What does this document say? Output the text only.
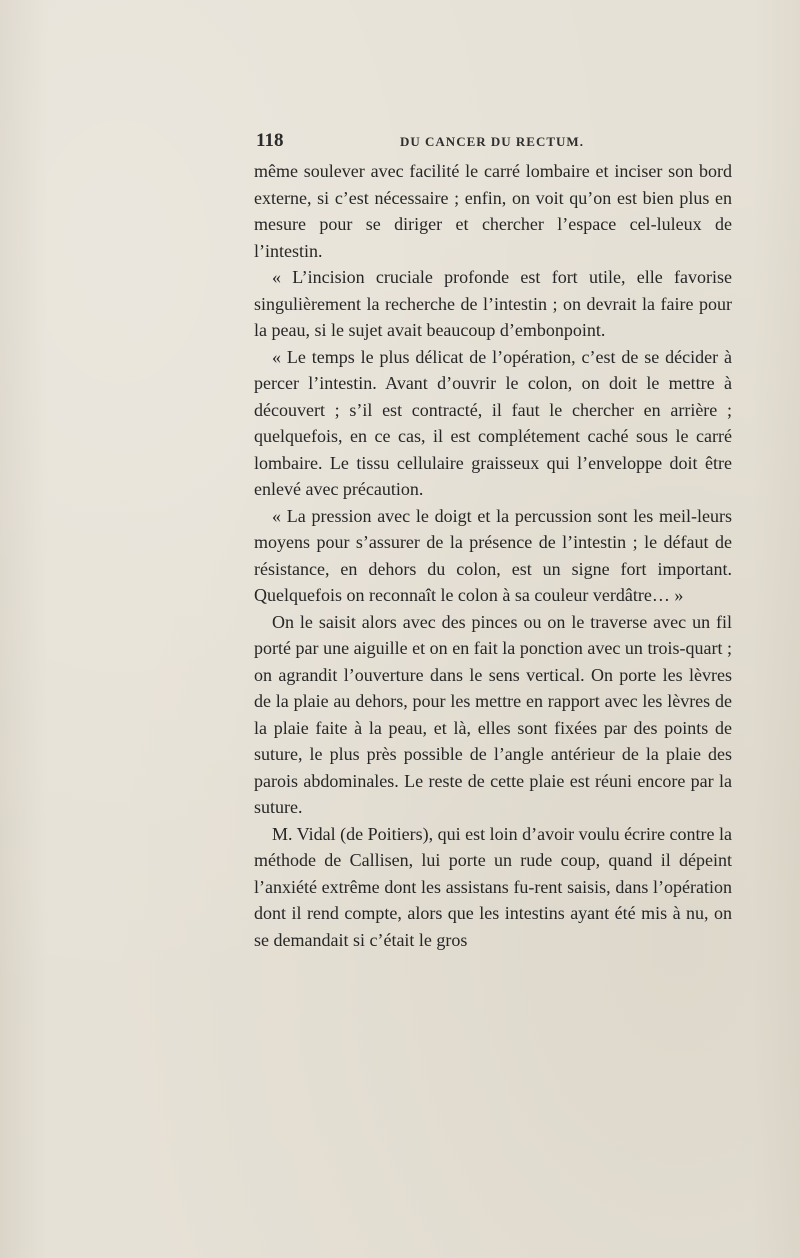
118	DU CANCER DU RECTUM.

même soulever avec facilité le carré lombaire et inciser son bord externe, si c’est nécessaire ; enfin, on voit qu’on est bien plus en mesure pour se diriger et chercher l’espace cel-luleux de l’intestin.

« L’incision cruciale profonde est fort utile, elle favorise singulièrement la recherche de l’intestin ; on devrait la faire pour la peau, si le sujet avait beaucoup d’embonpoint.

« Le temps le plus délicat de l’opération, c’est de se décider à percer l’intestin. Avant d’ouvrir le colon, on doit le mettre à découvert ; s’il est contracté, il faut le chercher en arrière ; quelquefois, en ce cas, il est complétement caché sous le carré lombaire. Le tissu cellulaire graisseux qui l’enveloppe doit être enlevé avec précaution.

« La pression avec le doigt et la percussion sont les meil-leurs moyens pour s’assurer de la présence de l’intestin ; le défaut de résistance, en dehors du colon, est un signe fort important. Quelquefois on reconnaît le colon à sa couleur verdâtre… »

On le saisit alors avec des pinces ou on le traverse avec un fil porté par une aiguille et on en fait la ponction avec un trois-quart ; on agrandit l’ouverture dans le sens vertical. On porte les lèvres de la plaie au dehors, pour les mettre en rapport avec les lèvres de la plaie faite à la peau, et là, elles sont fixées par des points de suture, le plus près possible de l’angle antérieur de la plaie des parois abdominales. Le reste de cette plaie est réuni encore par la suture.

M. Vidal (de Poitiers), qui est loin d’avoir voulu écrire contre la méthode de Callisen, lui porte un rude coup, quand il dépeint l’anxiété extrême dont les assistans fu-rent saisis, dans l’opération dont il rend compte, alors que les intestins ayant été mis à nu, on se demandait si c’était le gros
